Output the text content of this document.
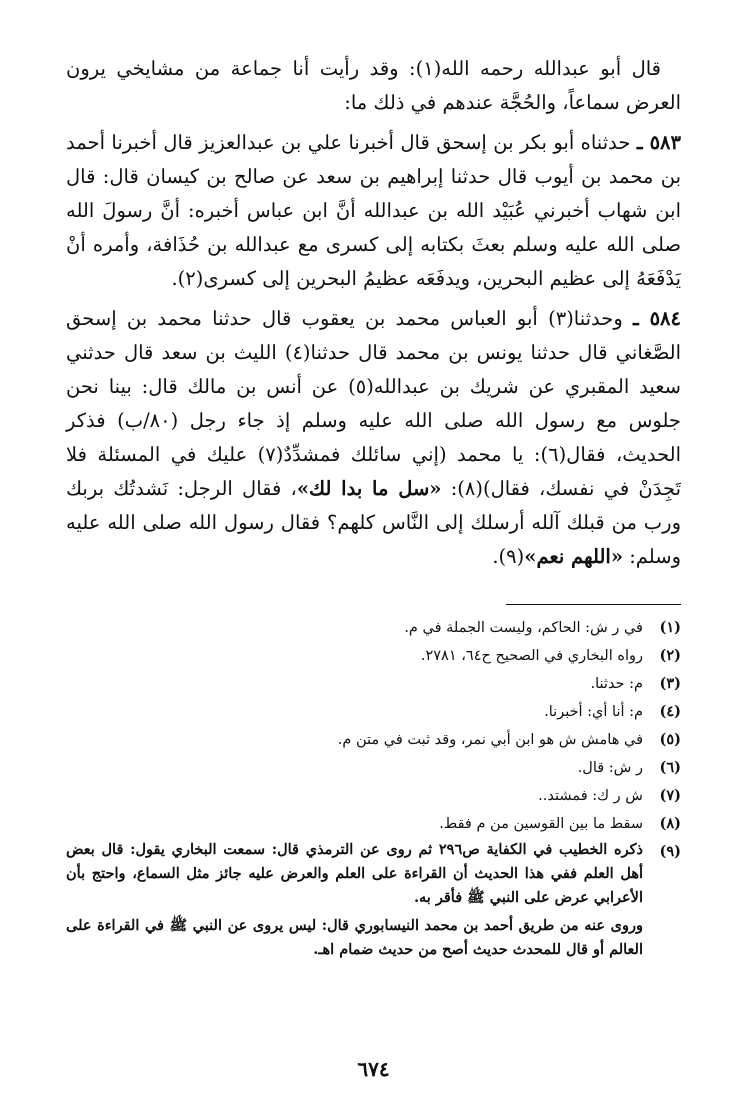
قال أبو عبدالله رحمه الله(١): وقد رأيت أنا جماعة من مشايخي يرون العرض سماعاً، والحُجَّة عندهم في ذلك ما:

٥٨٣ ـ حدثناه أبو بكر بن إسحق قال أخبرنا علي بن عبدالعزيز قال أخبرنا أحمد بن محمد بن أيوب قال حدثنا إبراهيم بن سعد عن صالح بن كيسان قال: قال ابن شهاب أخبرني عُبَيْد الله بن عبدالله أنَّ ابن عباس أخبره: أنَّ رسولَ الله صلى الله عليه وسلم بعثَ بكتابه إلى كسرى مع عبدالله بن حُذَافة، وأمره أنْ يَدْفَعَهُ إلى عظيم البحرين، ويدفَعَه عظيمُ البحرين إلى كسرى(٢).

٥٨٤ ـ وحدثنا(٣) أبو العباس محمد بن يعقوب قال حدثنا محمد بن إسحق الصَّغاني قال حدثنا يونس بن محمد قال حدثنا(٤) الليث بن سعد قال حدثني سعيد المقبري عن شريك بن عبدالله(٥) عن أنس بن مالك قال: بينا نحن جلوس مع رسول الله صلى الله عليه وسلم إذ جاء رجل (٨٠/ب) فذكر الحديث، فقال(٦): يا محمد (إني سائلك فمشدِّدٌ(٧) عليك في المسئلة فلا تَجِدَنْ في نفسك، فقال)(٨): «سل ما بدا لك»، فقال الرجل: نَشدتُك بربك ورب من قبلك آلله أرسلك إلى النَّاس كلهم؟ فقال رسول الله صلى الله عليه وسلم: «اللهم نعم»(٩).

(١)
في ر ش: الحاكم، وليست الجملة في م.
(٢)
رواه البخاري في الصحيح ح٦٤، ٢٧٨١.
(٣)
م: حدثنا.
(٤)
م: أنا أي: أخبرنا.
(٥)
في هامش ش هو ابن أبي نمر، وقد ثبت في متن م.
(٦)
ر ش: قال.
(٧)
ش ر ك: فمشتد..
(٨)
سقط ما بين القوسين من م فقط.
(٩)
ذكره الخطيب في الكفاية ص٢٩٦ ثم روى عن الترمذي قال: سمعت البخاري يقول: قال بعض أهل العلم ففي هذا الحديث أن القراءة على العلم والعرض عليه جائز مثل السماع، واحتج بأن الأعرابي عرض على النبي ﷺ فأقر به.
وروى عنه من طريق أحمد بن محمد النيسابوري قال: ليس يروى عن النبي ﷺ في القراءة على العالم أو قال للمحدث حديث أصح من حديث ضمام اهـ.
٦٧٤
